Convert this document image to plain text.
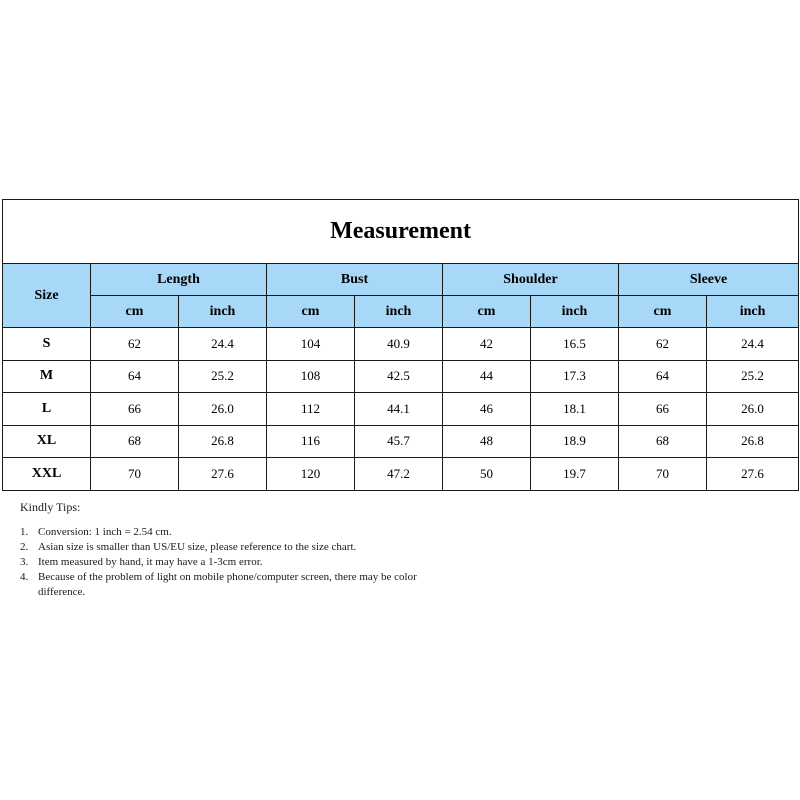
Measurement								
Size	Length		Bust		Shoulder		Sleeve	
	cm	inch	cm	inch	cm	inch	cm	inch
S	62	24.4	104	40.9	42	16.5	62	24.4
M	64	25.2	108	42.5	44	17.3	64	25.2
L	66	26.0	112	44.1	46	18.1	66	26.0
XL	68	26.8	116	45.7	48	18.9	68	26.8
XXL	70	27.6	120	47.2	50	19.7	70	27.6
Kindly Tips:
1. Conversion: 1 inch = 2.54 cm.
2. Asian size is smaller than US/EU size, please reference to the size chart.
3. Item measured by hand, it may have a 1-3cm error.
4. Because of the problem of light on mobile phone/computer screen, there may be color difference.
